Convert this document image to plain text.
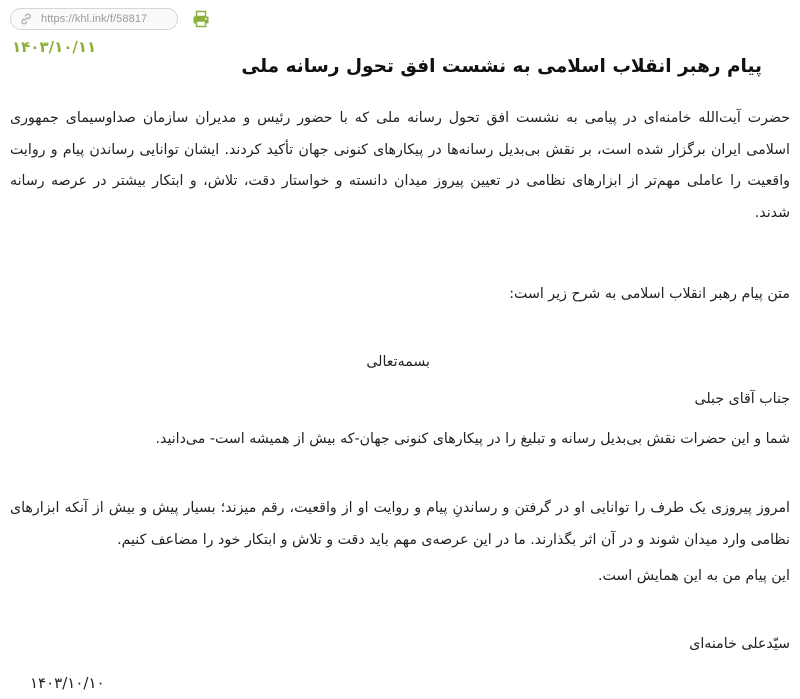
https://khl.ink/f/58817
۱۴۰۳/۱۰/۱۱
پیام رهبر انقلاب اسلامی به نشست افق تحول رسانه ملی

حضرت آیت‌الله خامنه‌ای در پیامی به نشست افق تحول رسانه ملی که با حضور رئیس و مدیران سازمان صداوسیمای جمهوری اسلامی ایران برگزار شده است، بر نقش بی‌بدیل رسانه‌ها در پیکارهای کنونی جهان تأکید کردند. ایشان توانایی رساندن پیام و روایت واقعیت را عاملی مهم‌تر از ابزارهای نظامی در تعیین پیروز میدان دانسته و خواستار دقت، تلاش، و ابتکار بیشتر در عرصه رسانه شدند.

متن پیام رهبر انقلاب اسلامی به شرح زیر است:
بسمه‌تعالی
جناب آقای جبلی

شما و این حضرات نقش بی‌بدیل رسانه و تبلیغ را در پیکارهای کنونی جهان-که بیش از همیشه است- می‌دانید.

امروز پیروزی یک طرف را توانایی او در گرفتن و رساندنِ پیام و روایت او از واقعیت، رقم میزند؛ بسیار پیش و بیش از آنکه ابزارهای نظامی وارد میدان شوند و در آن اثر بگذارند. ما در این عرصه‌ی مهم باید دقت و تلاش و ابتکار خود را مضاعف کنیم.

این پیام من به این همایش است.
سیّدعلی خامنه‌ای
۱۴۰۳/۱۰/۱۰
